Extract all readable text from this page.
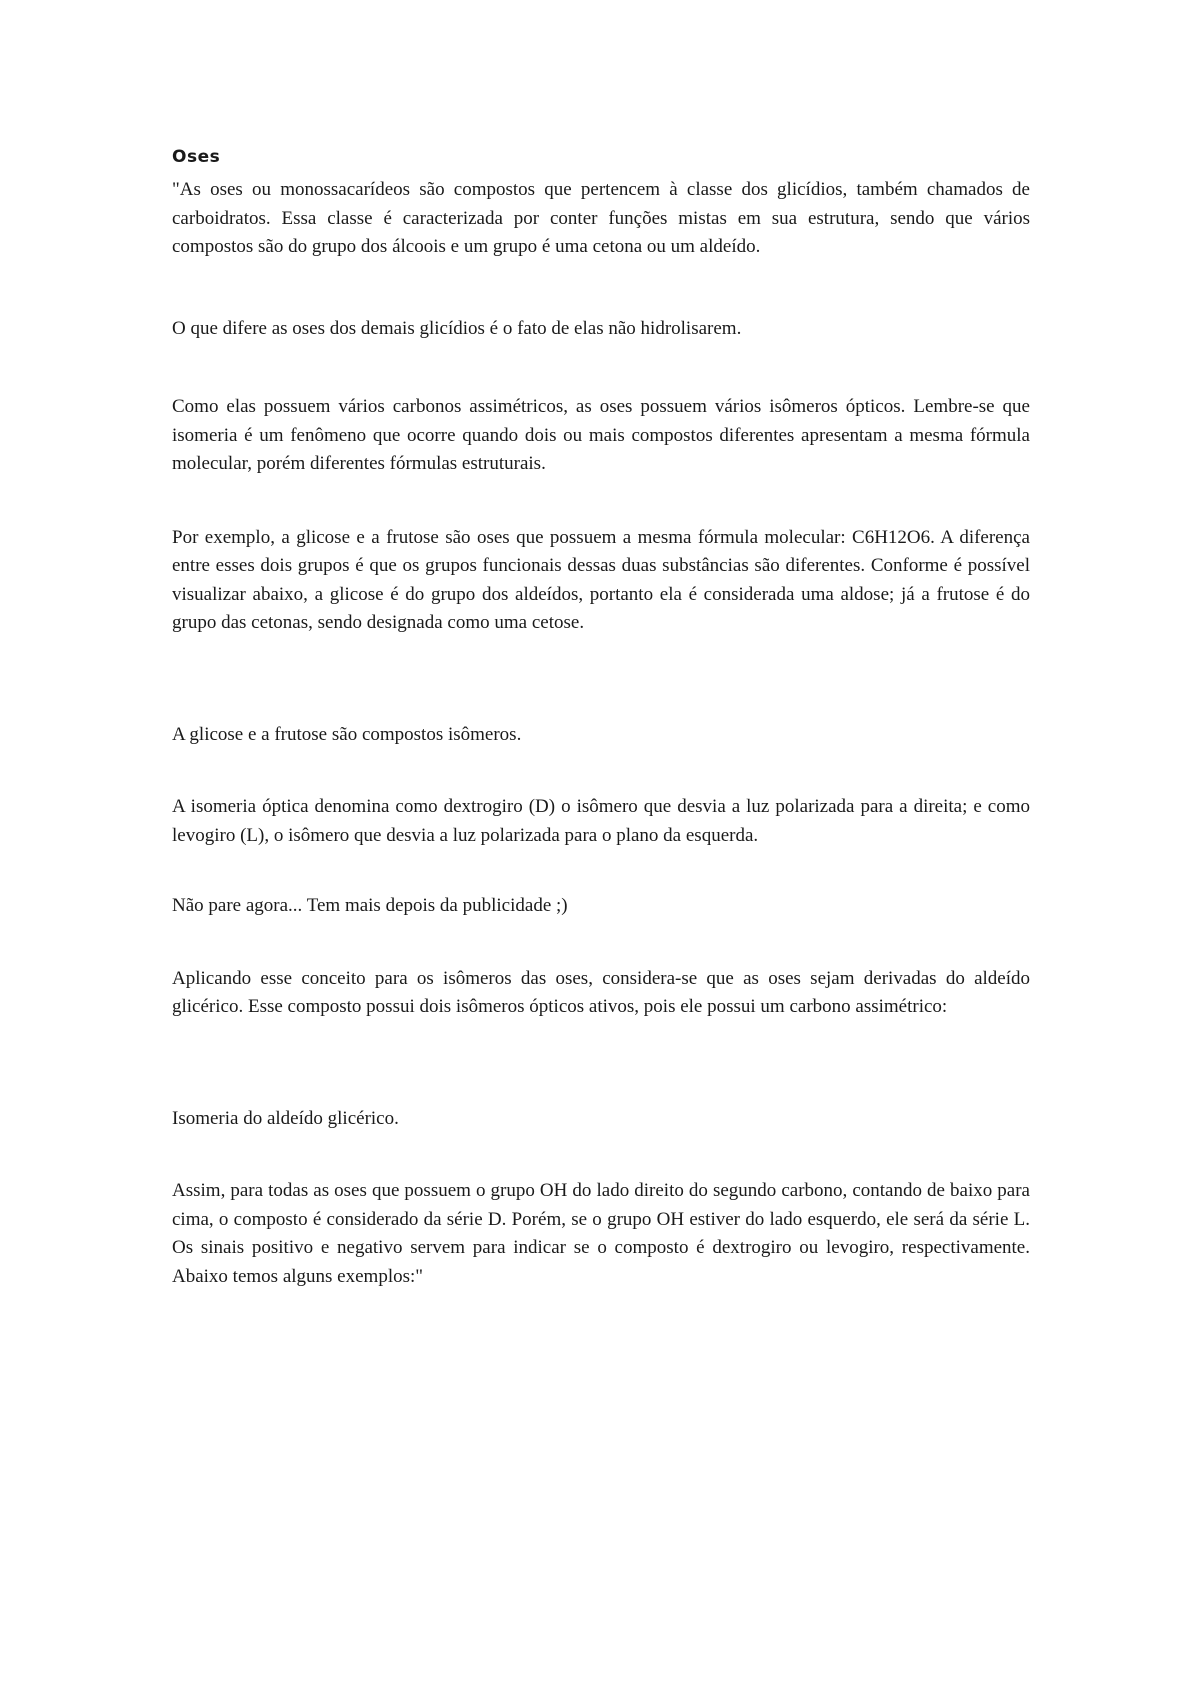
Oses

"As oses ou monossacarídeos são compostos que pertencem à classe dos glicídios, também chamados de carboidratos. Essa classe é caracterizada por conter funções mistas em sua estrutura, sendo que vários compostos são do grupo dos álcoois e um grupo é uma cetona ou um aldeído.

O que difere as oses dos demais glicídios é o fato de elas não hidrolisarem.

Como elas possuem vários carbonos assimétricos, as oses possuem vários isômeros ópticos. Lembre-se que isomeria é um fenômeno que ocorre quando dois ou mais compostos diferentes apresentam a mesma fórmula molecular, porém diferentes fórmulas estruturais.

Por exemplo, a glicose e a frutose são oses que possuem a mesma fórmula molecular: C6H12O6. A diferença entre esses dois grupos é que os grupos funcionais dessas duas substâncias são diferentes. Conforme é possível visualizar abaixo, a glicose é do grupo dos aldeídos, portanto ela é considerada uma aldose; já a frutose é do grupo das cetonas, sendo designada como uma cetose.

A glicose e a frutose são compostos isômeros.

A isomeria óptica denomina como dextrogiro (D) o isômero que desvia a luz polarizada para a direita; e como levogiro (L), o isômero que desvia a luz polarizada para o plano da esquerda.

Não pare agora... Tem mais depois da publicidade ;)

Aplicando esse conceito para os isômeros das oses, considera-se que as oses sejam derivadas do aldeído glicérico. Esse composto possui dois isômeros ópticos ativos, pois ele possui um carbono assimétrico:

Isomeria do aldeído glicérico.

Assim, para todas as oses que possuem o grupo OH do lado direito do segundo carbono, contando de baixo para cima, o composto é considerado da série D. Porém, se o grupo OH estiver do lado esquerdo, ele será da série L. Os sinais positivo e negativo servem para indicar se o composto é dextrogiro ou levogiro, respectivamente. Abaixo temos alguns exemplos:"
